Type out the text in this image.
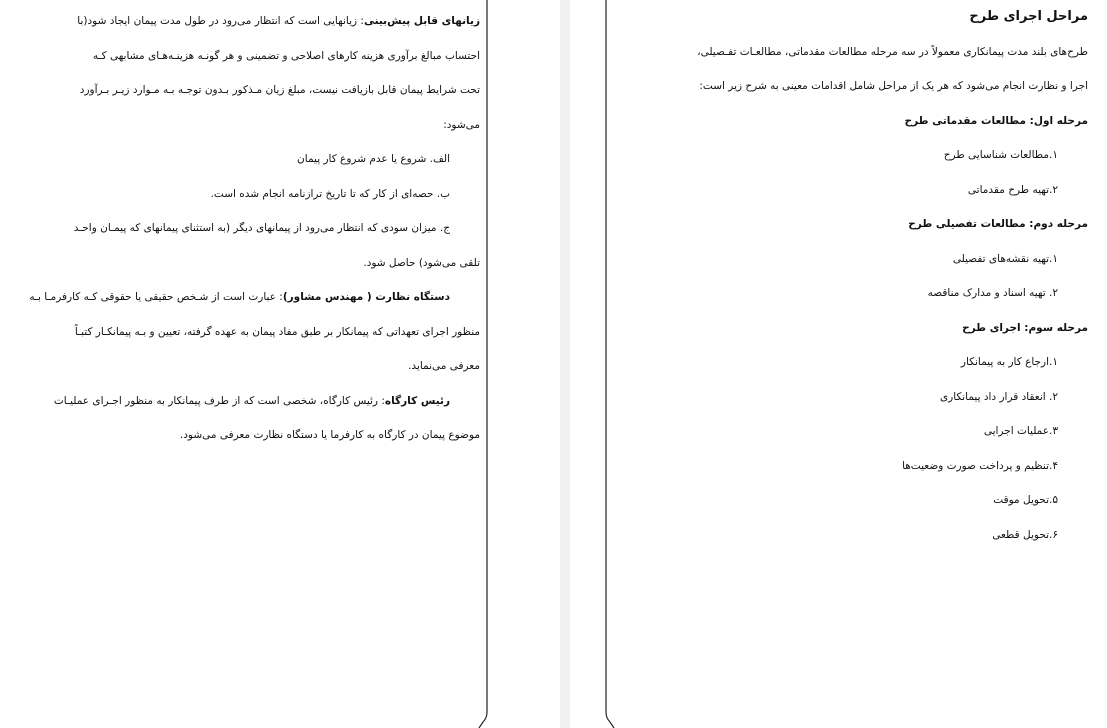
زیانهای قابل پیش‌بینی: زیانهایی است که انتظار می‌رود در طول مدت پیمان ایجاد شود(با

احتساب مبالغ برآوری هزینه کارهای اصلاحی و تضمینی و هر گونـه هزینـه‌هـای مشابهی کـه

تحت شرایط پیمان قابل بازیافت نیست، مبلغ زیان مـذکور بـدون توجـه بـه مـوارد زیـر بـرآورد

می‌شود:

الف. شروع یا عدم شروع کار پیمان

ب. حصه‌ای از کار که تا تاریخ ترازنامه انجام شده است.

ج. میزان سودی که انتظار می‌رود از پیمانهای دیگر (به استثنای پیمانهای که پیمـان واحـد

تلقی می‌شود) حاصل شود.

دستگاه نظارت ( مهندس مشاور): عبارت است از شـخص حقیقی یا حقوقی کـه کارفرمـا بـه

منظور اجرای تعهداتی که پیمانکار بر طبق مفاد پیمان به عهده گرفته، تعیین و بـه پیمانکـار کتبـاً

معرفی می‌نماید.

رئیس کارگاه: رئیس کارگاه، شخصی است که از طرف پیمانکار به منظور اجـرای عملیـات

موضوع پیمان در کارگاه به کارفرما یا دستگاه نظارت معرفی می‌شود.

مراحل اجرای طرح

طرح‌های بلند مدت پیمانکاری معمولاً در سه مرحله مطالعات مقدماتی، مطالعـات تفـصیلی،

اجرا و نظارت انجام می‌شود که هر یک از مراحل شامل اقدامات معینی به شرح زیر است:

مرحله اول: مطالعات مقدماتی طرح

۱.مطالعات شناسایی طرح

۲.تهیه طرح مقدماتی

مرحله دوم: مطالعات تفصیلی طرح

۱.تهیه نقشه‌های تفصیلی

۲. تهیه اسناد و مدارک مناقصه

مرحله سوم: اجرای طرح

۱.ارجاع کار به پیمانکار

۲. انعقاد قرار داد پیمانکاری

۳.عملیات اجرایی

۴.تنظیم و پرداخت صورت وضعیت‌ها

۵.تحویل موقت

۶.تحویل قطعی
